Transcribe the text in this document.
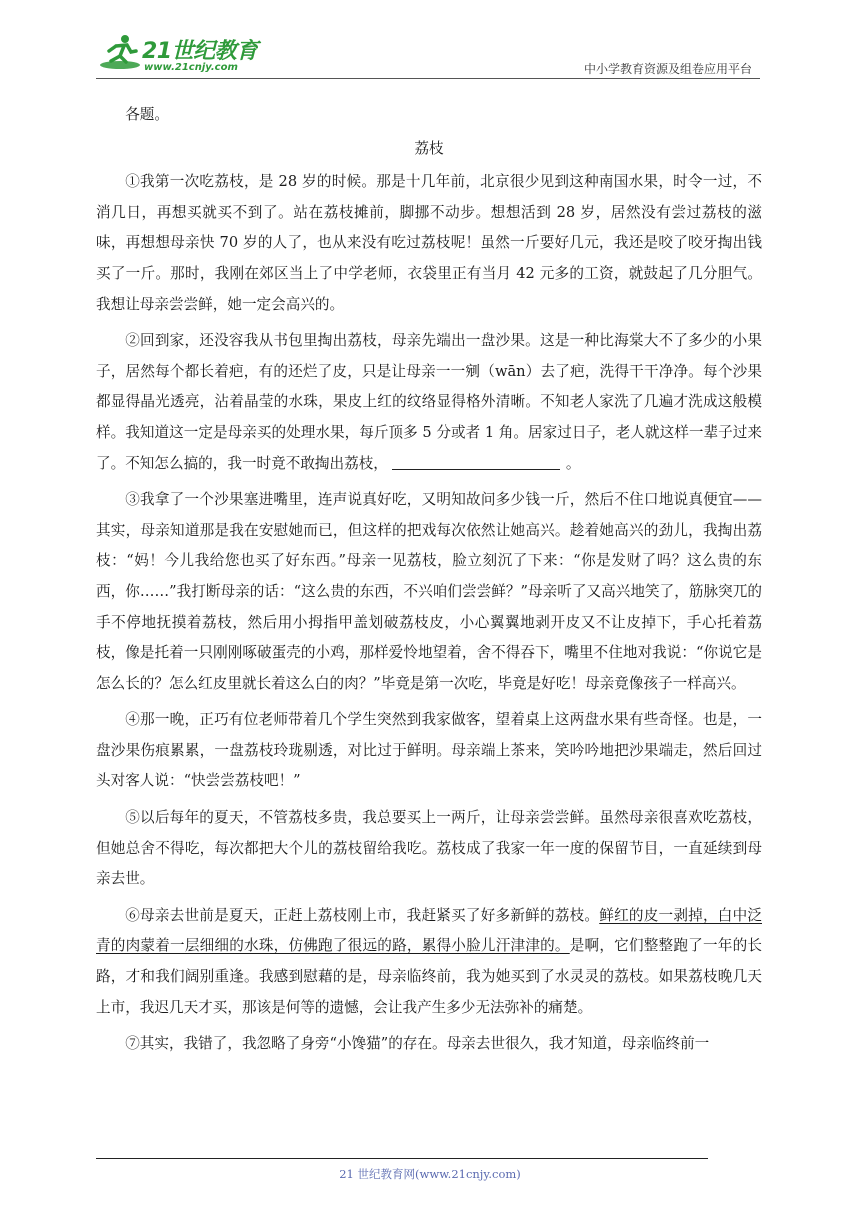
21世纪教育
www.21cnjy.com	中小学教育资源及组卷应用平台

各题。

荔枝

①我第一次吃荔枝，是 28 岁的时候。那是十几年前，北京很少见到这种南国水果，时令一过，不消几日，再想买就买不到了。站在荔枝摊前，脚挪不动步。想想活到 28 岁，居然没有尝过荔枝的滋味，再想想母亲快 70 岁的人了，也从来没有吃过荔枝呢！虽然一斤要好几元，我还是咬了咬牙掏出钱买了一斤。那时，我刚在郊区当上了中学老师，衣袋里正有当月 42 元多的工资，就鼓起了几分胆气。我想让母亲尝尝鲜，她一定会高兴的。

②回到家，还没容我从书包里掏出荔枝，母亲先端出一盘沙果。这是一种比海棠大不了多少的小果子，居然每个都长着疤，有的还烂了皮，只是让母亲一一剜（wān）去了疤，洗得干干净净。每个沙果都显得晶光透亮，沾着晶莹的水珠，果皮上红的纹络显得格外清晰。不知老人家洗了几遍才洗成这般模样。我知道这一定是母亲买的处理水果，每斤顶多 5 分或者 1 角。居家过日子，老人就这样一辈子过来了。不知怎么搞的，我一时竟不敢掏出荔枝，	。

③我拿了一个沙果塞进嘴里，连声说真好吃，又明知故问多少钱一斤，然后不住口地说真便宜——其实，母亲知道那是我在安慰她而已，但这样的把戏每次依然让她高兴。趁着她高兴的劲儿，我掏出荔枝：“妈！今儿我给您也买了好东西。”母亲一见荔枝，脸立刻沉了下来：“你是发财了吗？这么贵的东西，你……”我打断母亲的话：“这么贵的东西，不兴咱们尝尝鲜？”母亲听了又高兴地笑了，筋脉突兀的手不停地抚摸着荔枝，然后用小拇指甲盖划破荔枝皮，小心翼翼地剥开皮又不让皮掉下，手心托着荔枝，像是托着一只刚刚啄破蛋壳的小鸡，那样爱怜地望着，舍不得吞下，嘴里不住地对我说：“你说它是怎么长的？怎么红皮里就长着这么白的肉？”毕竟是第一次吃，毕竟是好吃！母亲竟像孩子一样高兴。

④那一晚，正巧有位老师带着几个学生突然到我家做客，望着桌上这两盘水果有些奇怪。也是，一盘沙果伤痕累累，一盘荔枝玲珑剔透，对比过于鲜明。母亲端上茶来，笑吟吟地把沙果端走，然后回过头对客人说：“快尝尝荔枝吧！”

⑤以后每年的夏天，不管荔枝多贵，我总要买上一两斤，让母亲尝尝鲜。虽然母亲很喜欢吃荔枝，但她总舍不得吃，每次都把大个儿的荔枝留给我吃。荔枝成了我家一年一度的保留节目，一直延续到母亲去世。

⑥母亲去世前是夏天，正赶上荔枝刚上市，我赶紧买了好多新鲜的荔枝。鲜红的皮一剥掉，白中泛青的肉蒙着一层细细的水珠，仿佛跑了很远的路，累得小脸儿汗津津的。是啊，它们整整跑了一年的长路，才和我们阔别重逢。我感到慰藉的是，母亲临终前，我为她买到了水灵灵的荔枝。如果荔枝晚几天上市，我迟几天才买，那该是何等的遗憾，会让我产生多少无法弥补的痛楚。

⑦其实，我错了，我忽略了身旁“小馋猫”的存在。母亲去世很久，我才知道，母亲临终前一

21 世纪教育网(www.21cnjy.com)
